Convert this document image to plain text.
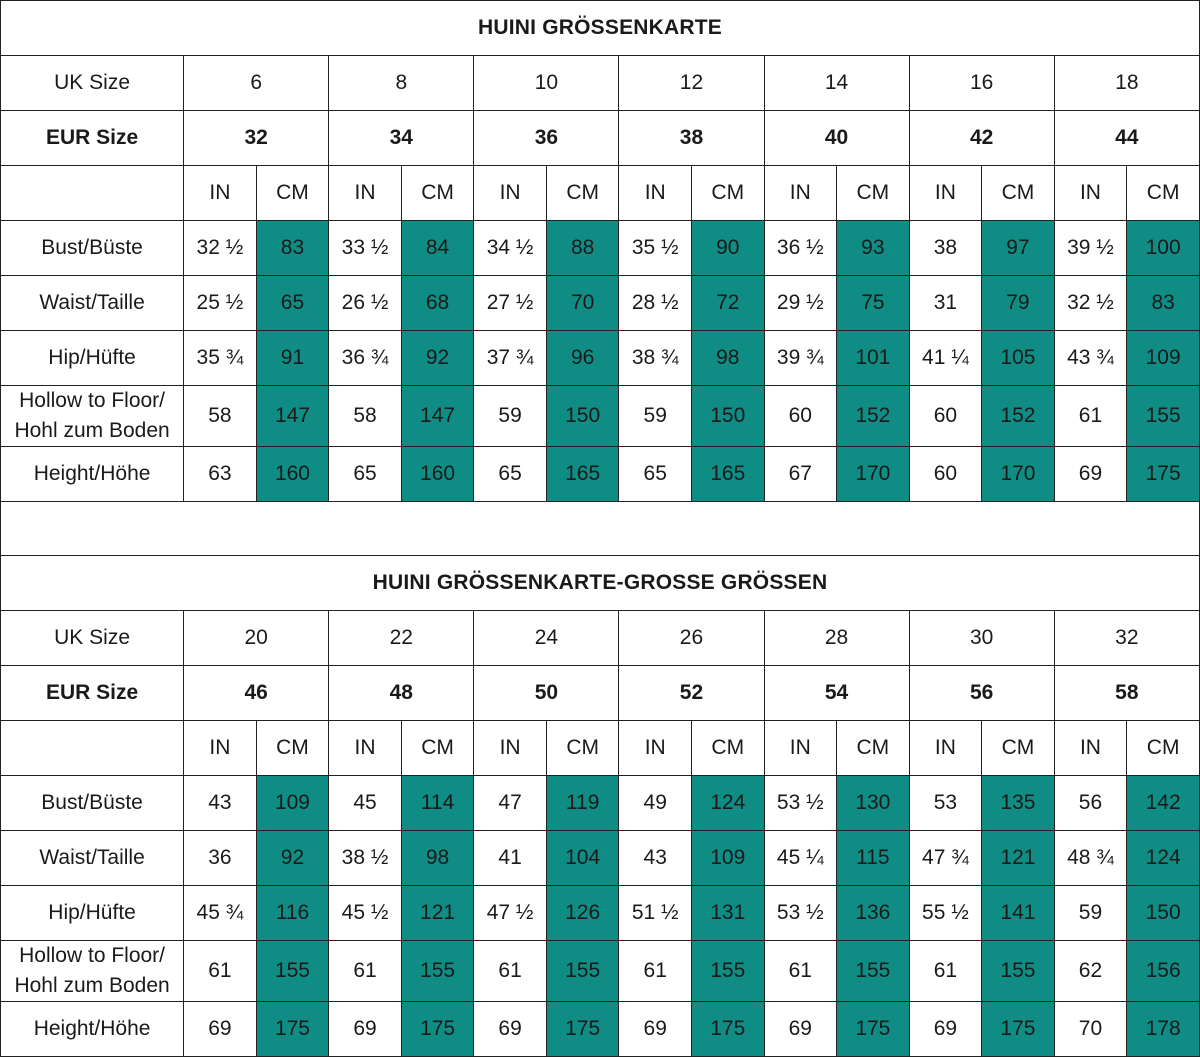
HUINI GRÖSSENKARTE														
UK Size	6		8		10		12		14		16		18	
EUR Size	32		34		36		38		40		42		44	
	IN	CM	IN	CM	IN	CM	IN	CM	IN	CM	IN	CM	IN	CM
Bust/Büste	32 ½	83	33 ½	84	34 ½	88	35 ½	90	36 ½	93	38	97	39 ½	100
Waist/Taille	25 ½	65	26 ½	68	27 ½	70	28 ½	72	29 ½	75	31	79	32 ½	83
Hip/Hüfte	35 ¾	91	36 ¾	92	37 ¾	96	38 ¾	98	39 ¾	101	41 ¼	105	43 ¾	109
Hollow to Floor/
Hohl zum Boden	58	147	58	147	59	150	59	150	60	152	60	152	61	155
Height/Höhe	63	160	65	160	65	165	65	165	67	170	60	170	69	175
HUINI GRÖSSENKARTE-GROSSE GRÖSSEN														
UK Size	20		22		24		26		28		30		32	
EUR Size	46		48		50		52		54		56		58	
	IN	CM	IN	CM	IN	CM	IN	CM	IN	CM	IN	CM	IN	CM
Bust/Büste	43	109	45	114	47	119	49	124	53 ½	130	53	135	56	142
Waist/Taille	36	92	38 ½	98	41	104	43	109	45 ¼	115	47 ¾	121	48 ¾	124
Hip/Hüfte	45 ¾	116	45 ½	121	47 ½	126	51 ½	131	53 ½	136	55 ½	141	59	150
Hollow to Floor/
Hohl zum Boden	61	155	61	155	61	155	61	155	61	155	61	155	62	156
Height/Höhe	69	175	69	175	69	175	69	175	69	175	69	175	70	178
